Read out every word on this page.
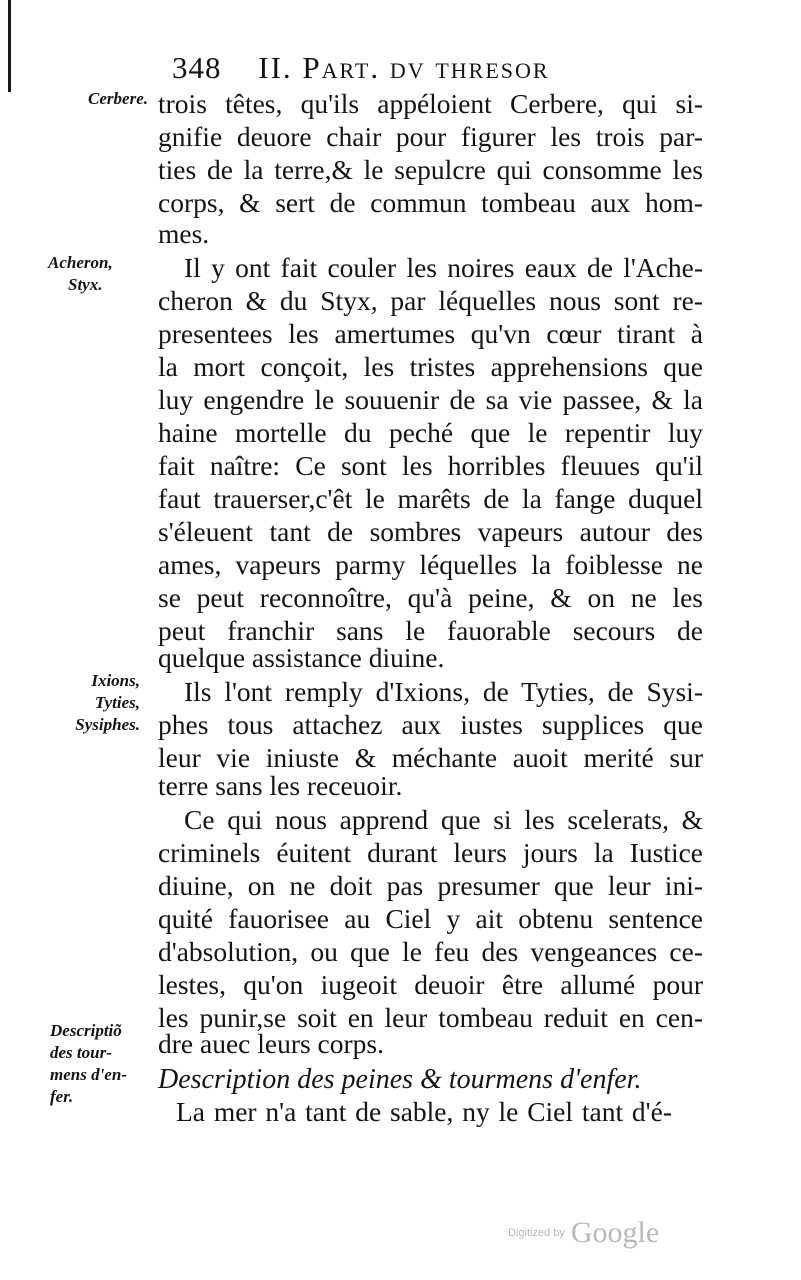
348 II. Part. dv thresor
Cerbere.
Acheron,
Styx.
Ixions,
Tyties,
Sysiphes.
Descriptiõ
des tour-
mens d'en-
fer.
trois têtes, qu'ils appéloient Cerbere, qui si-
gnifie deuore chair pour figurer les trois par-
ties de la terre,& le sepulcre qui consomme les
corps, & sert de commun tombeau aux hom-
mes.
Il y ont fait couler les noires eaux de l'Ache-
cheron & du Styx, par léquelles nous sont re-
presentees les amertumes qu'vn cœur tirant à
la mort conçoit, les tristes apprehensions que
luy engendre le souuenir de sa vie passee, & la
haine mortelle du peché que le repentir luy
fait naître: Ce sont les horribles fleuues qu'il
faut trauerser,c'êt le marêts de la fange duquel
s'éleuent tant de sombres vapeurs autour des
ames, vapeurs parmy léquelles la foiblesse ne
se peut reconnoître, qu'à peine, & on ne les
peut franchir sans le fauorable secours de
quelque assistance diuine.
Ils l'ont remply d'Ixions, de Tyties, de Sysi-
phes tous attachez aux iustes supplices que
leur vie iniuste & méchante auoit merité sur
terre sans les receuoir.
Ce qui nous apprend que si les scelerats, &
criminels éuitent durant leurs jours la Iustice
diuine, on ne doit pas presumer que leur ini-
quité fauorisee au Ciel y ait obtenu sentence
d'absolution, ou que le feu des vengeances ce-
lestes, qu'on iugeoit deuoir être allumé pour
les punir,se soit en leur tombeau reduit en cen-
dre auec leurs corps.
Description des peines & tourmens d'enfer.
La mer n'a tant de sable, ny le Ciel tant d'é-
Digitized by Google
